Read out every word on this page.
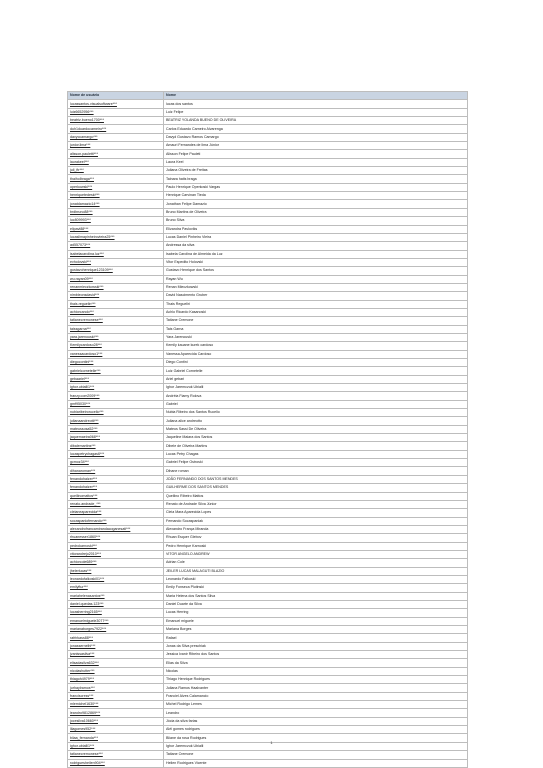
Nome de usuário	Nome
lucassantos.visualsoftware***	lucas dos santos
luiz6652956***	Luiz Felipe
beatriz.bueno1700***	BEATRIZ YOLANDA BUENO DE OLIVEIRA
duh1duardocameiro***	Carlos Eduardo Carneiro Alvarenga
davyccamargo***	Davyd Gustavo Ramos Camargo
junior.lima***	Amauri Fernandes de lima Júnior
alisson.pauletti***	Alisson Felipe Pauleti
laurakeel***	Laura Keel
juli_ftr***	Juliana Oliveira de Freitas
thaiholbraga***	Tainara hatis braga
operkowski***	Paulo Henrique Operkoski Vargas
henriquetedeski***	Henrique Carvinan Tieda
jonatdamazio14***	Jonathan Felipe Damazio
brdbruno88***	Bruno Martins de Oliveira
luc809993***	Bruno Silva
elipavi88***	Elizandra Pavloviks
lucaslimapinheirovieira25***	Lucas Daniel Pinheiro Vieira
ad557073***	Andressa da silva
isabelacarolina.luz***	Isabela Carolina de Almeida da Luz
evholovski***	Vitor Espedito Holovski
gustavohenrique123109***	Gustavo Henrique dos Santos
wu.rayan09***	Rayan Wu
renanmieczkowski***	Renan Mieczkowski
nimbleonsdavid***	David Nascimento Gruber
thais.reguelin***	Thais Regueliri
achiorcando***	Achlo Ricardo Kasanoski
tatianecremonese***	Tatiane Cremone
taissgarna***	Tais Garna
yara.jarenouski***	Yara Jarenouski
Kemilycardoso28***	Kemily kauane kurek cardoso
vanessacardoso1***	Vanessa Aparecida Cardoso
diegocontini***	Diego Contini
gabrielcornetelle***	Luiz Gabriel Cornetelle
gebaariel***	Ariel gebari
ighor.ubialli1***	Ighor Jaremczuk Ubialli
franzy.com2009***	Andréia Fiamy Rolova
gmf95030***	Gabriel
nubiaribeirorucelio***	Nubia Ribeiro dos Santos Rucelio
julianaandreotti***	Juliana alice andreotto
mateussosa52***	Mateus Sassi De Oliveira
jaquemaeira068***	Jaqueline Maiara dos Santos
dibalemartins***	Dibele de Oliveira Martins
lucaspetrychagas6***	Lucas Petry Chagas
gcmoz34***	Gabriel Felipe Ostroski
dihanaroman***	Dihane roman
fenandohaizer***	JOÃO FERNANDO DOS SANTOS MENDES
fenandohaizer***	GUILHERME DOS SANTOS MENDES
queilinomattos***	Queilino Ribeiro Mattos
renato.andrade_***	Renato de Andrade Silva Júnior
cleianeaparecida***	Cleia Mara Aparecida Lopes
socaspaniofernando***	Fernando Socaspaniak
alexandrofrancamirandacoganesati***	Alexandro França Miranda
rhuanesser1860***	Rhuan Esquer Glebov
pedrokarnoski***	Pedro Henrique Karnoski
vitorandrejo2010***	VITOR ANGELO ANDREW
achiorcole689***	Adrian Cole
jhelerlucas***	JEILER LUCAS MALAGUTI BLAZIO
leonardofalkoski01***	Leonardo Falkoski
emilyftur***	Emily Fonseca Plutinski
mariahelenasantos***	Maria Helena dos Santos Silva
daniel.quedas.123***	Daniel Duarte da Silva
lucasherring2165***	Lucas Herring
emanuelmiguele3077***	Emanuel miguele
marianaborges7922***	Mariana Borges
rafrirkass88***	Rafael
jonassernelhi***	Jonas da Silva preschiak
jvanissasilva***	Jessica Ivanir Ribeiro dos Santos
elisadasilva632***	Elias da Silva
nicolashutter***	Nicolas
thiagoh4979***	Thiago Henrique Rodrigues
jurhaylramos***	Juliana Ramos Haalvanter
franciscress***	Franciel Alves Calamancio
mlemichel1630***	Michel Rodrigo Lemes
leandro9812869***	Leandro
jocesilva10660***	Jócia da silva farias
lilagomes952***	Aléi gomes rodrigues
biiaa_fernanda***	Bliane da rosa Rodrigues
ighor.ubialli1***	Ighor Jaremczuk Ubialli
tatianecremonese***	Tatiane Cremone
rodriguesheilen904***	Heilen Rodrigues Vicente
1
